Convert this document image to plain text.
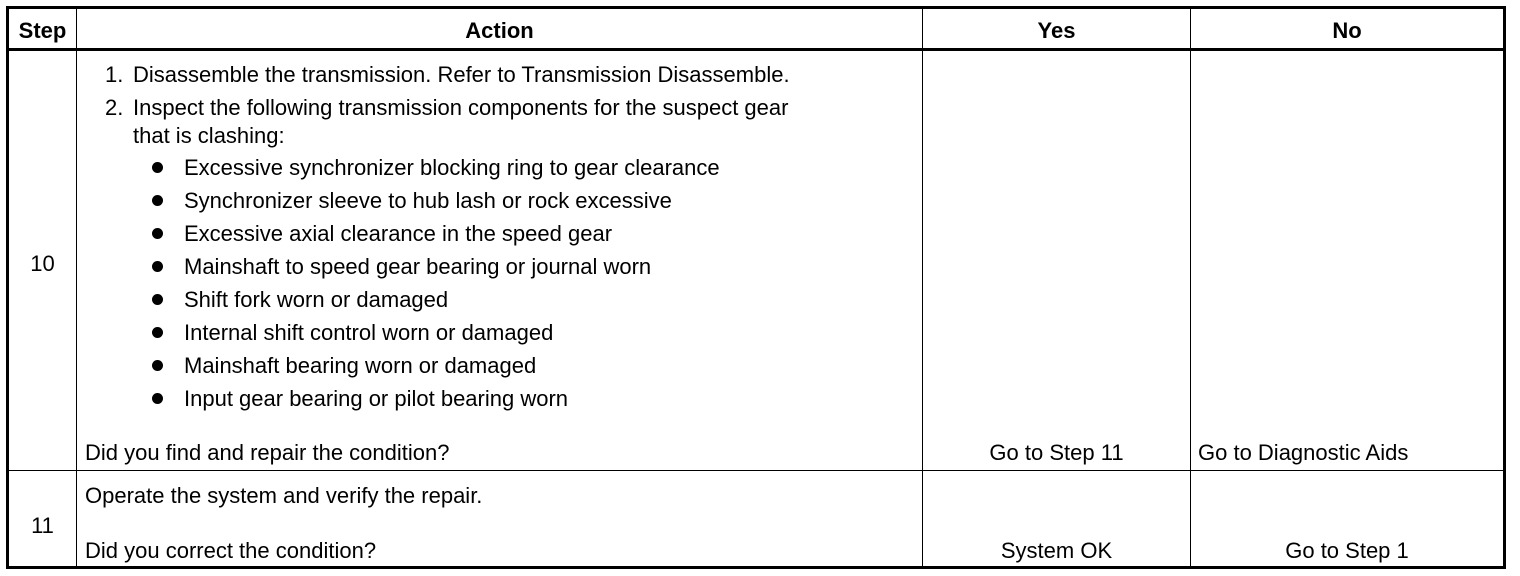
Step	Action	Yes	No
10
1. Disassemble the transmission. Refer to Transmission Disassemble.
2. Inspect the following transmission components for the suspect gear
that is clashing:
Excessive synchronizer blocking ring to gear clearance
Synchronizer sleeve to hub lash or rock excessive
Excessive axial clearance in the speed gear
Mainshaft to speed gear bearing or journal worn
Shift fork worn or damaged
Internal shift control worn or damaged
Mainshaft bearing worn or damaged
Input gear bearing or pilot bearing worn
Did you find and repair the condition?	Go to Step 11	Go to Diagnostic Aids
11
Operate the system and verify the repair.
Did you correct the condition?	System OK	Go to Step 1
